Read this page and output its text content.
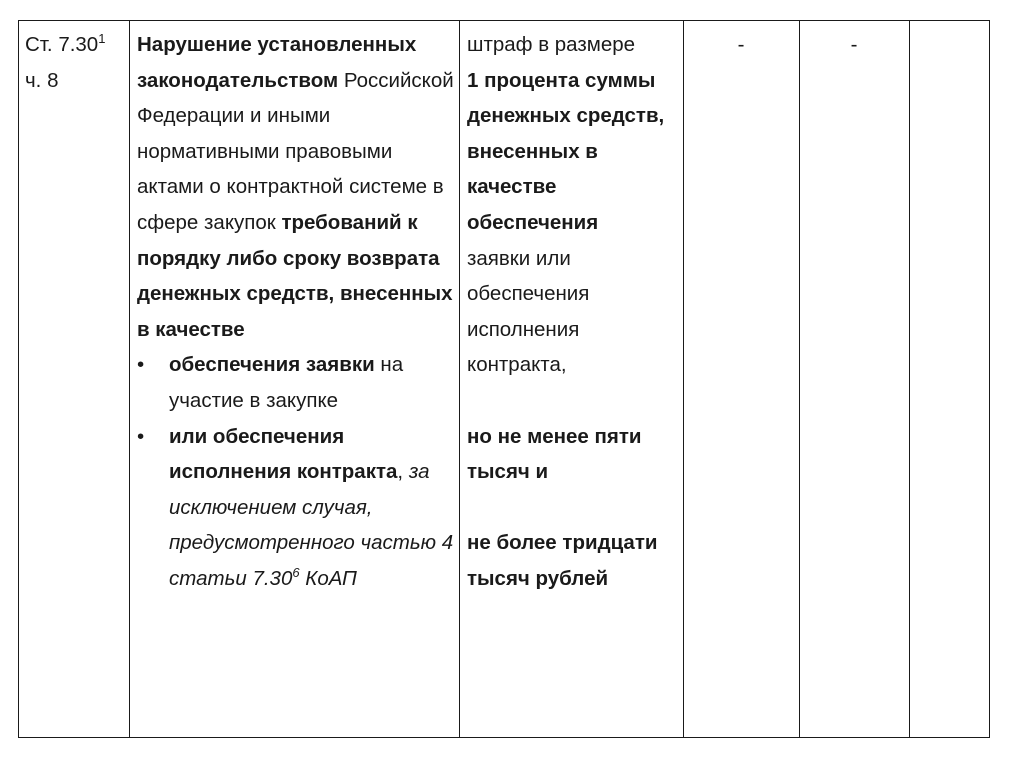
Ст. 7.30$^1$
ч. 8
Нарушение установленных законодательством Российской Федерации и иными нормативными правовыми актами о контрактной системе в сфере закупок требований к порядку либо сроку возврата денежных средств, внесенных в качестве
• обеспечения заявки на участие в закупке
• или обеспечения исполнения контракта, за исключением случая, предусмотренного частью 4 статьи 7.30$^6$ КоАП
штраф в размере
1 процента суммы денежных средств, внесенных в качестве обеспечения
заявки или обеспечения исполнения контракта,
но не менее пяти тысяч и
не более тридцати тысяч рублей
-	-
